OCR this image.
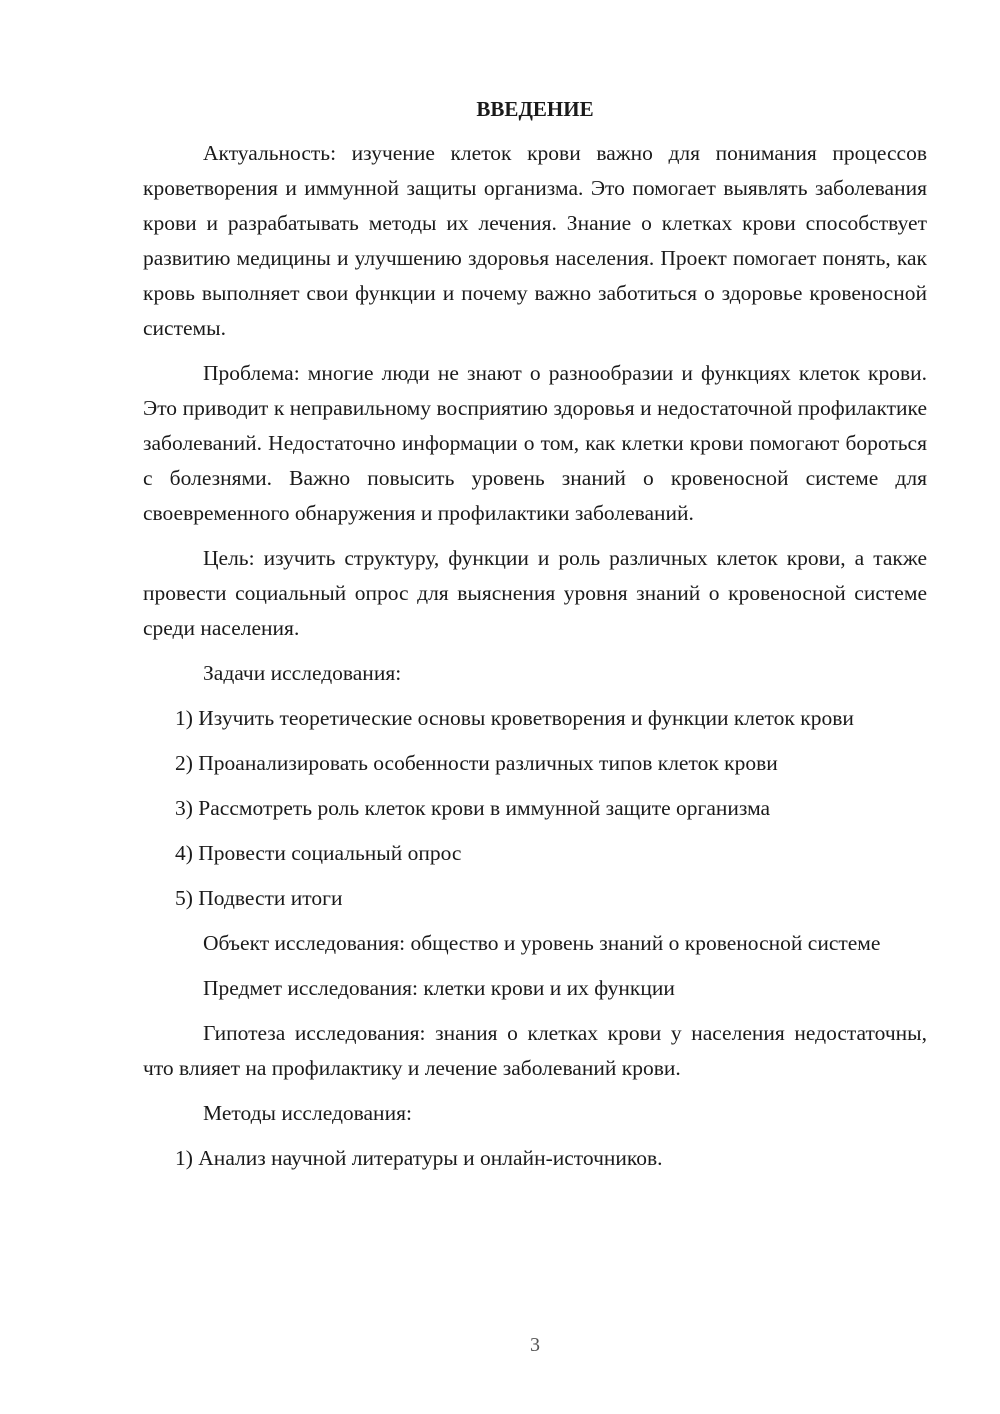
ВВЕДЕНИЕ

Актуальность: изучение клеток крови важно для понимания процессов кроветворения и иммунной защиты организма. Это помогает выявлять заболевания крови и разрабатывать методы их лечения. Знание о клетках крови способствует развитию медицины и улучшению здоровья населения. Проект помогает понять, как кровь выполняет свои функции и почему важно заботиться о здоровье кровеносной системы.

Проблема: многие люди не знают о разнообразии и функциях клеток крови. Это приводит к неправильному восприятию здоровья и недостаточной профилактике заболеваний. Недостаточно информации о том, как клетки крови помогают бороться с болезнями. Важно повысить уровень знаний о кровеносной системе для своевременного обнаружения и профилактики заболеваний.

Цель: изучить структуру, функции и роль различных клеток крови, а также провести социальный опрос для выяснения уровня знаний о кровеносной системе среди населения.

Задачи исследования:

1) Изучить теоретические основы кроветворения и функции клеток крови

2) Проанализировать особенности различных типов клеток крови

3) Рассмотреть роль клеток крови в иммунной защите организма

4) Провести социальный опрос

5) Подвести итоги

Объект исследования: общество и уровень знаний о кровеносной системе

Предмет исследования: клетки крови и их функции

Гипотеза исследования: знания о клетках крови у населения недостаточны, что влияет на профилактику и лечение заболеваний крови.

Методы исследования:

1) Анализ научной литературы и онлайн-источников.

3
